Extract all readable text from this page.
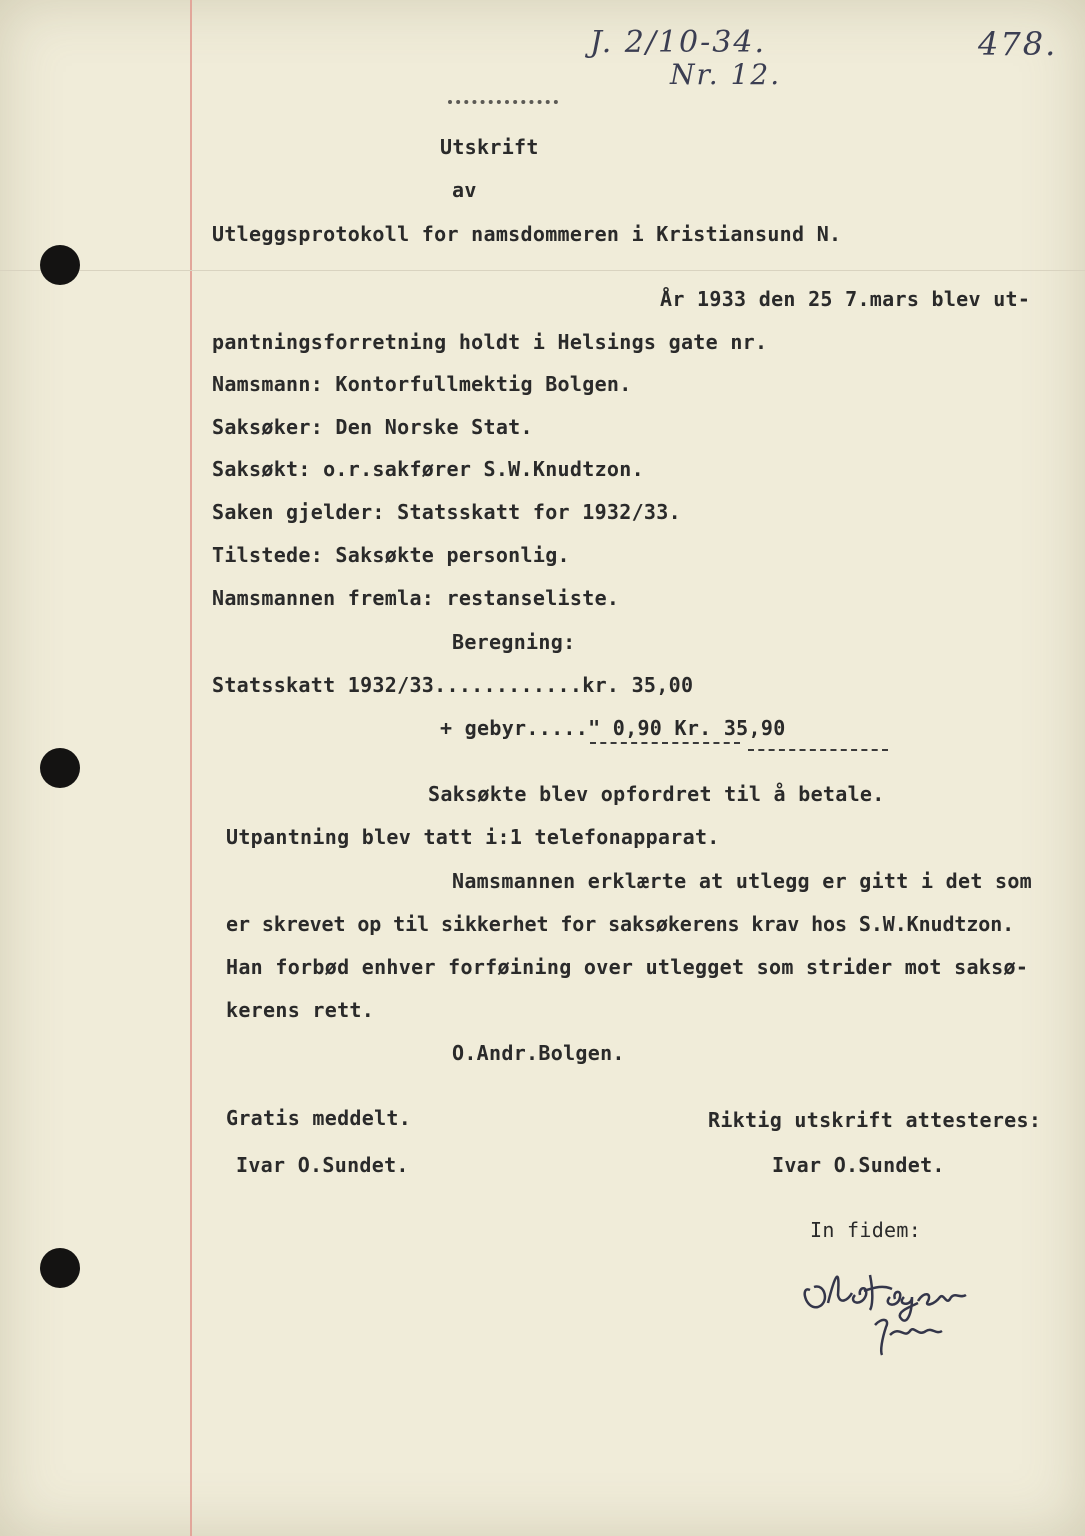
J. 2/10-34.
Nr. 12.
478.
Utskrift
av
Utleggsprotokoll for namsdommeren i Kristiansund N.
År 1933 den 25 7.mars blev ut-
pantningsforretning holdt i Helsings gate nr.
Namsmann: Kontorfullmektig Bolgen.
Saksøker: Den Norske Stat.
Saksøkt: o.r.sakfører S.W.Knudtzon.
Saken gjelder: Statsskatt for 1932/33.
Tilstede: Saksøkte personlig.
Namsmannen fremla: restanseliste.
Beregning:
Statsskatt 1932/33............kr. 35,00
+ gebyr....." 0,90 Kr. 35,90
Saksøkte blev opfordret til å betale.
Utpantning blev tatt i:1 telefonapparat.
Namsmannen erklærte at utlegg er gitt i det som
er skrevet op til sikkerhet for saksøkerens krav hos S.W.Knudtzon.
Han forbød enhver forføining over utlegget som strider mot saksø-
kerens rett.
O.Andr.Bolgen.
Gratis meddelt.
Ivar O.Sundet.
Riktig utskrift attesteres:
Ivar O.Sundet.
In fidem:
